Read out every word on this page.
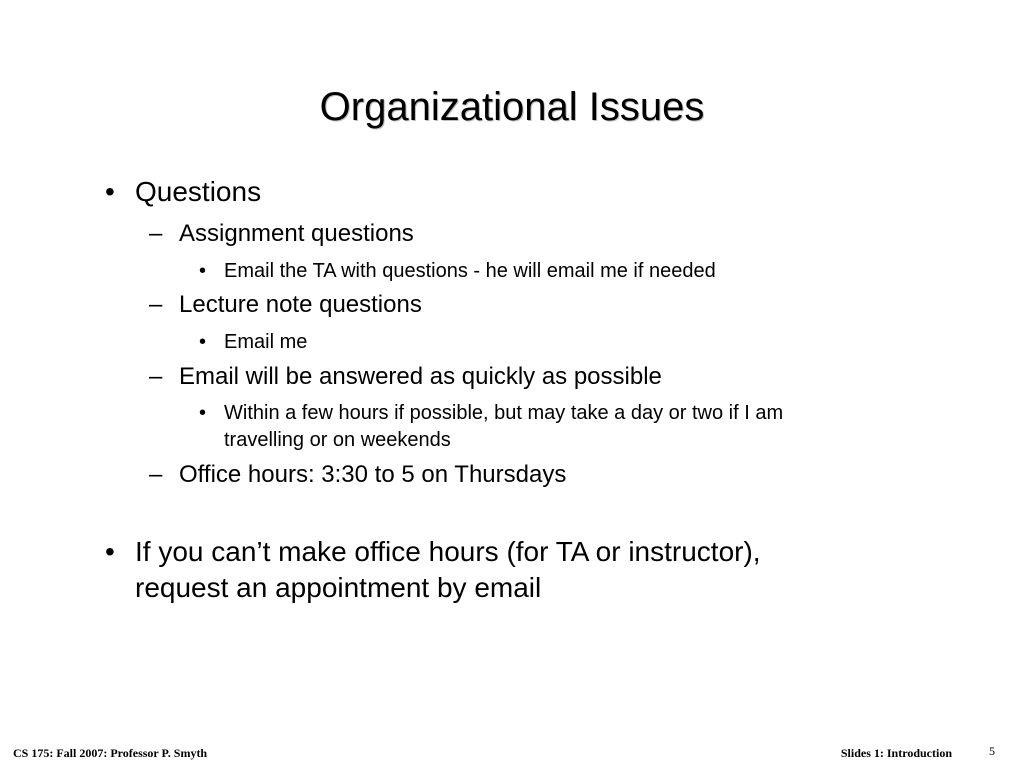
Organizational Issues
• Questions
– Assignment questions
• Email the TA with questions - he will email me if needed
– Lecture note questions
• Email me
– Email will be answered as quickly as possible
• Within a few hours if possible, but may take a day or two if I am
travelling or on weekends
– Office hours: 3:30 to 5 on Thursdays
• If you can’t make office hours (for TA or instructor),
request an appointment by email
CS 175: Fall 2007: Professor P. Smyth	Slides 1: Introduction	5
